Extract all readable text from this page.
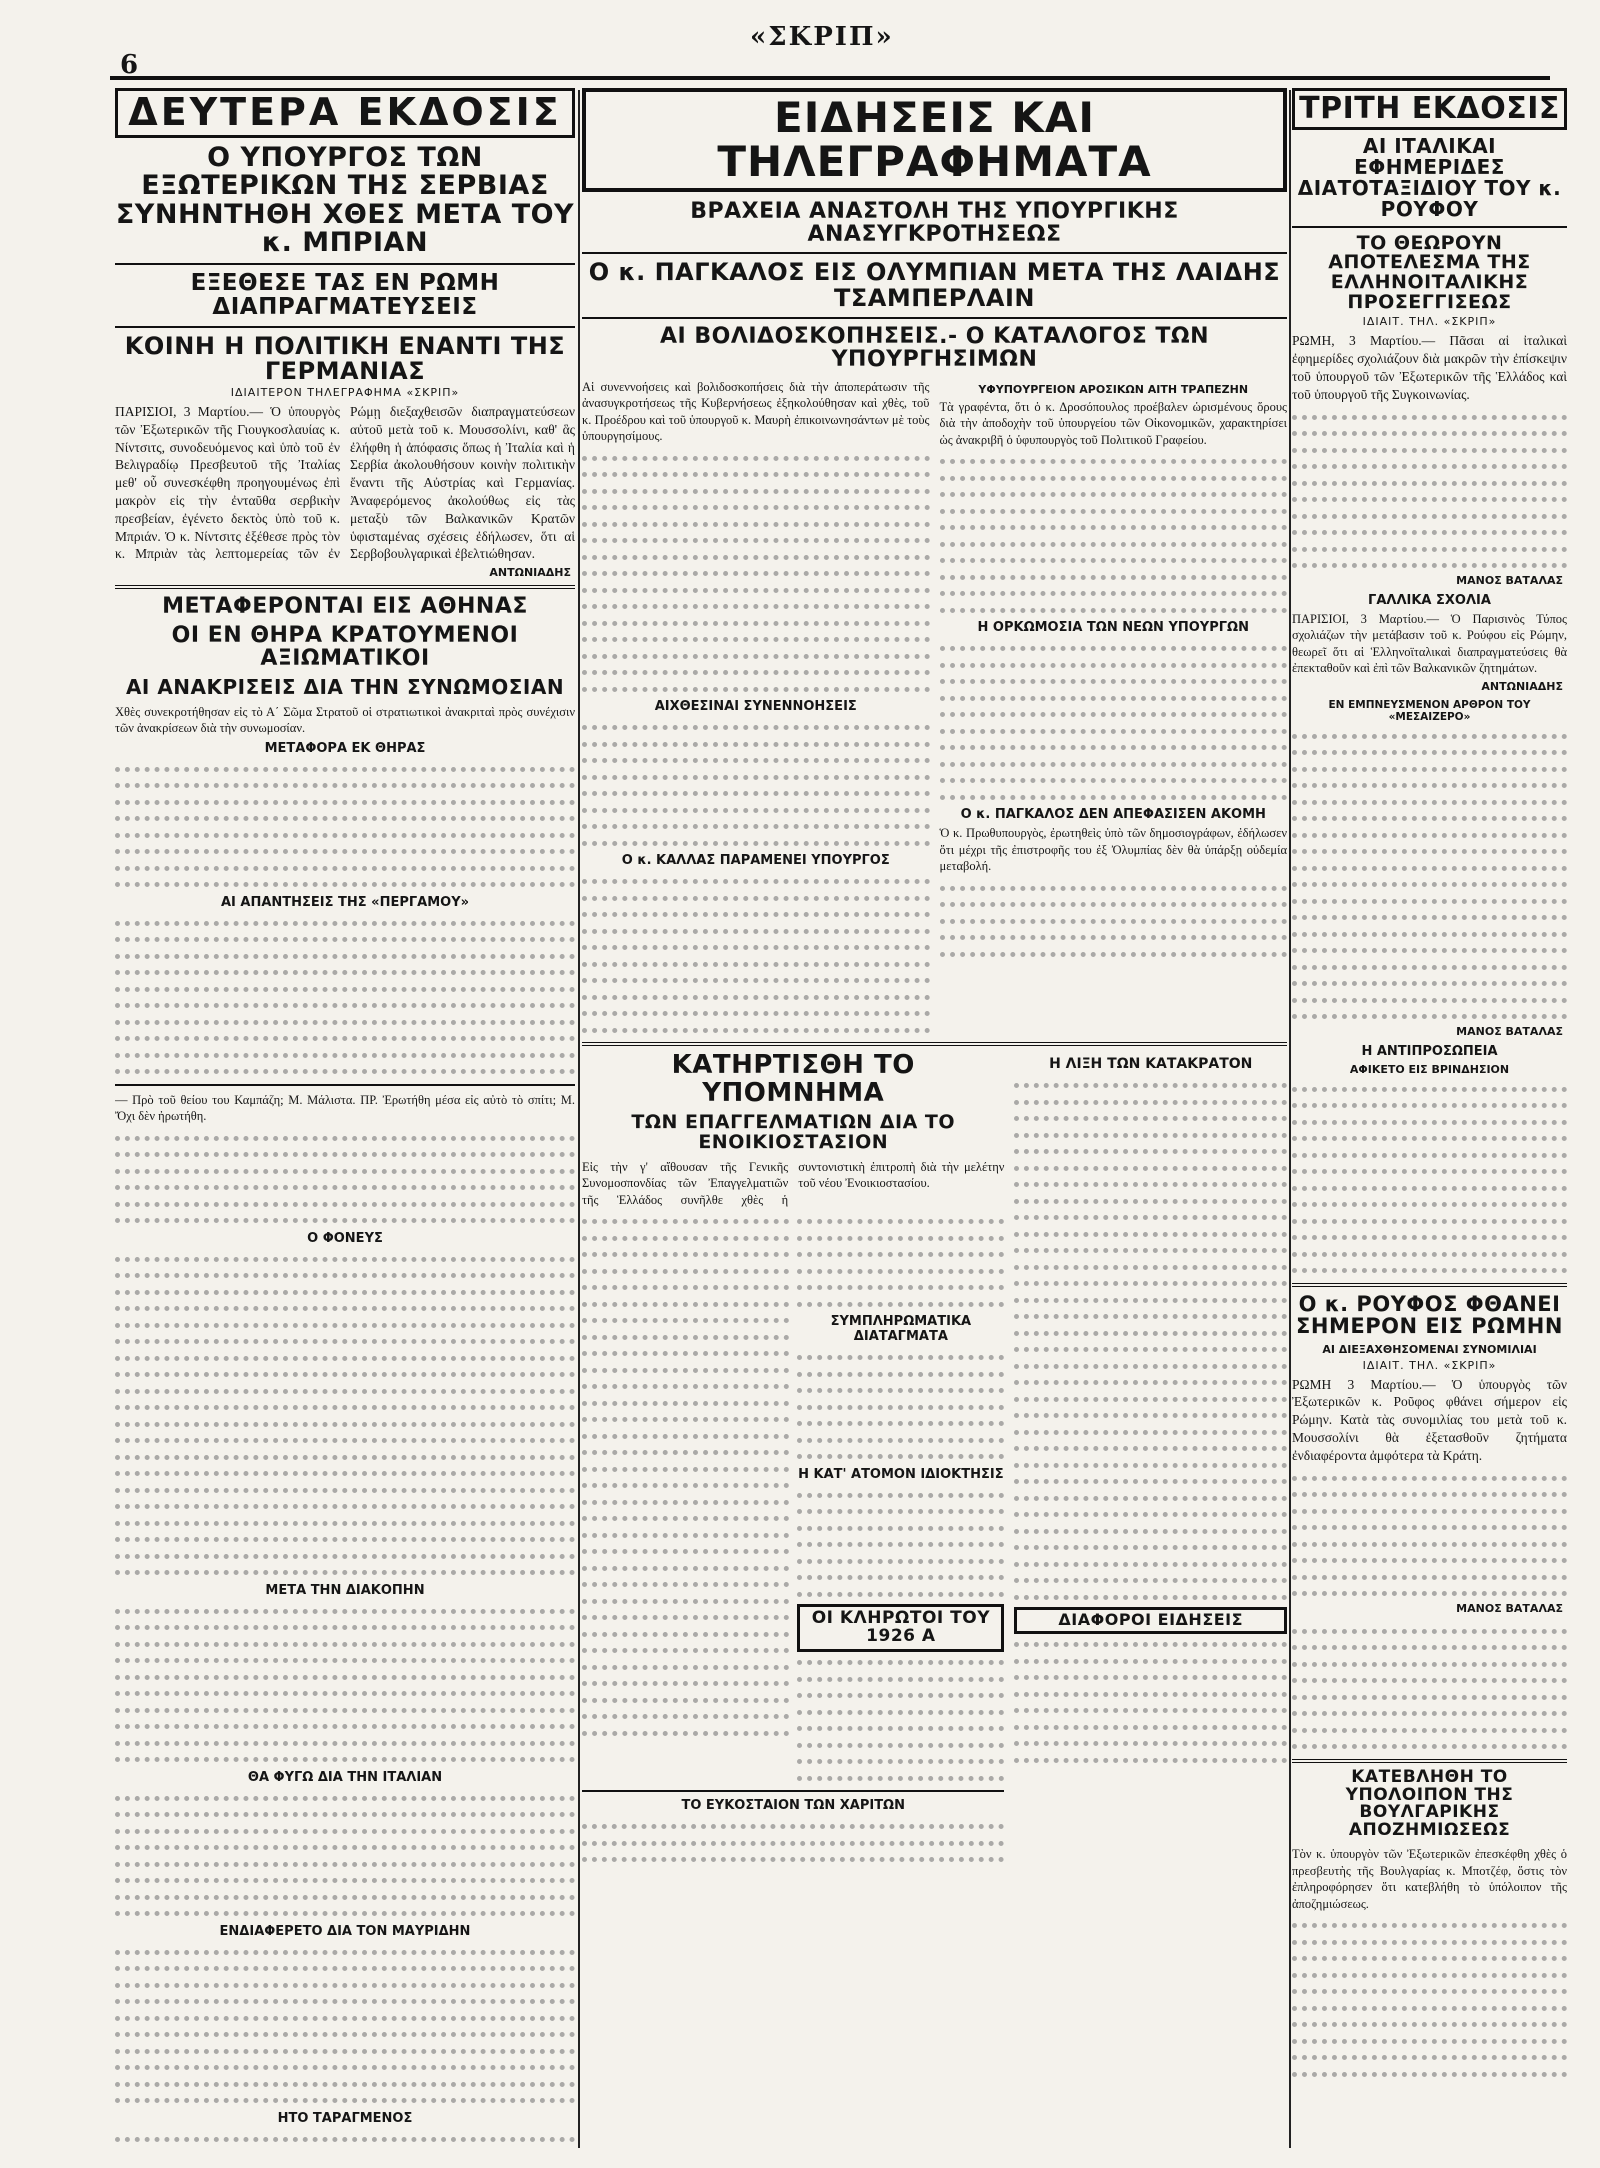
6
«ΣΚΡΙΠ»
ΔΕΥΤΕΡΑ ΕΚΔΟΣΙΣ
Ο ΥΠΟΥΡΓΟΣ ΤΩΝ ΕΞΩΤΕΡΙΚΩΝ ΤΗΣ ΣΕΡΒΙΑΣ ΣΥΝΗΝΤΗΘΗ ΧΘΕΣ ΜΕΤΑ ΤΟΥ κ. ΜΠΡΙΑΝ
ΕΞΕΘΕΣΕ ΤΑΣ ΕΝ ΡΩΜΗ ΔΙΑΠΡΑΓΜΑΤΕΥΣΕΙΣ
ΚΟΙΝΗ Η ΠΟΛΙΤΙΚΗ ΕΝΑΝΤΙ ΤΗΣ ΓΕΡΜΑΝΙΑΣ
ΙΔΙΑΙΤΕΡΟΝ ΤΗΛΕΓΡΑΦΗΜΑ «ΣΚΡΙΠ»

ΠΑΡΙΣΙΟΙ, 3 Μαρτίου.— Ὁ ὑπουργὸς τῶν Ἐξωτερικῶν τῆς Γιουγκοσλαυίας κ. Νίντσιτς, συνοδευόμενος καὶ ὑπὸ τοῦ ἐν Βελιγραδίῳ Πρεσβευτοῦ τῆς Ἰταλίας μεθ' οὗ συνεσκέφθη προηγουμένως ἐπὶ μακρὸν εἰς τὴν ἐνταῦθα σερβικὴν πρεσβείαν, ἐγένετο δεκτὸς ὑπὸ τοῦ κ. Μπριάν. Ὁ κ. Νίντσιτς ἐξέθεσε πρὸς τὸν κ. Μπριὰν τὰς λεπτομερείας τῶν ἐν Ρώμῃ διεξαχθεισῶν διαπραγματεύσεων αὐτοῦ μετὰ τοῦ κ. Μουσσολίνι, καθ' ἃς ἐλήφθη ἡ ἀπόφασις ὅπως ἡ Ἰταλία καὶ ἡ Σερβία ἀκολουθήσουν κοινὴν πολιτικὴν ἔναντι τῆς Αὐστρίας καὶ Γερμανίας. Ἀναφερόμενος ἀκολούθως εἰς τὰς μεταξὺ τῶν Βαλκανικῶν Κρατῶν ὑφισταμένας σχέσεις ἐδήλωσεν, ὅτι αἱ Σερβοβουλγαρικαὶ ἐβελτιώθησαν.

ΑΝΤΩΝΙΑΔΗΣ
ΜΕΤΑΦΕΡΟΝΤΑΙ ΕΙΣ ΑΘΗΝΑΣ
ΟΙ ΕΝ ΘΗΡΑ ΚΡΑΤΟΥΜΕΝΟΙ ΑΞΙΩΜΑΤΙΚΟΙ
ΑΙ ΑΝΑΚΡΙΣΕΙΣ ΔΙΑ ΤΗΝ ΣΥΝΩΜΟΣΙΑΝ

Χθὲς συνεκροτήθησαν εἰς τὸ Α΄ Σῶμα Στρατοῦ οἱ στρατιωτικοὶ ἀνακριταὶ πρὸς συνέχισιν τῶν ἀνακρίσεων διὰ τὴν συνωμοσίαν.

ΜΕΤΑΦΟΡΑ ΕΚ ΘΗΡΑΣ
ΑΙ ΑΠΑΝΤΗΣΕΙΣ ΤΗΣ «ΠΕΡΓΑΜΟΥ»

— Πρὸ τοῦ θείου του Καμπάζη; Μ. Μάλιστα. ΠΡ. Ἐρωτήθη μέσα εἰς αὐτὸ τὸ σπίτι; Μ. Ὄχι δὲν ἠρωτήθη.

Ο ΦΟΝΕΥΣ
ΜΕΤΑ ΤΗΝ ΔΙΑΚΟΠΗΝ
ΘΑ ΦΥΓΩ ΔΙΑ ΤΗΝ ΙΤΑΛΙΑΝ
ΕΝΔΙΑΦΕΡΕΤΟ ΔΙΑ ΤΟΝ ΜΑΥΡΙΔΗΝ
ΗΤΟ ΤΑΡΑΓΜΕΝΟΣ
ΕΙΔΗΣΕΙΣ ΚΑΙ ΤΗΛΕΓΡΑΦΗΜΑΤΑ
ΒΡΑΧΕΙΑ ΑΝΑΣΤΟΛΗ ΤΗΣ ΥΠΟΥΡΓΙΚΗΣ ΑΝΑΣΥΓΚΡΟΤΗΣΕΩΣ
Ο κ. ΠΑΓΚΑΛΟΣ ΕΙΣ ΟΛΥΜΠΙΑΝ ΜΕΤΑ ΤΗΣ ΛΑΙΔΗΣ ΤΣΑΜΠΕΡΛΑΙΝ
ΑΙ ΒΟΛΙΔΟΣΚΟΠΗΣΕΙΣ.- Ο ΚΑΤΑΛΟΓΟΣ ΤΩΝ ΥΠΟΥΡΓΗΣΙΜΩΝ

Αἱ συνεννοήσεις καὶ βολιδοσκοπήσεις διὰ τὴν ἀποπεράτωσιν τῆς ἀνασυγκροτήσεως τῆς Κυβερνήσεως ἐξηκολούθησαν καὶ χθὲς, τοῦ κ. Προέδρου καὶ τοῦ ὑπουργοῦ κ. Μαυρὴ ἐπικοινωνησάντων μὲ τοὺς ὑπουργησίμους.

ΑΙΧΘΕΣΙΝΑΙ ΣΥΝΕΝΝΟΗΣΕΙΣ
Ο κ. ΚΑΛΛΑΣ ΠΑΡΑΜΕΝΕΙ ΥΠΟΥΡΓΟΣ
ΥΦΥΠΟΥΡΓΕΙΟΝ ΑΡΟΣΙΚΩΝ ΑΙΤΗ ΤΡΑΠΕΖΗΝ

Τὰ γραφέντα, ὅτι ὁ κ. Δροσόπουλος προέβαλεν ὡρισμένους ὅρους διὰ τὴν ἀποδοχὴν τοῦ ὑπουργείου τῶν Οἰκονομικῶν, χαρακτηρίσει ὡς ἀνακριβῆ ὁ ὑφυπουργὸς τοῦ Πολιτικοῦ Γραφείου.

Η ΟΡΚΩΜΟΣΙΑ ΤΩΝ ΝΕΩΝ ΥΠΟΥΡΓΩΝ
Ο κ. ΠΑΓΚΑΛΟΣ ΔΕΝ ΑΠΕΦΑΣΙΣΕΝ ΑΚΟΜΗ

Ὁ κ. Πρωθυπουργὸς, ἐρωτηθεὶς ὑπὸ τῶν δημοσιογράφων, ἐδήλωσεν ὅτι μέχρι τῆς ἐπιστροφῆς του ἐξ Ὀλυμπίας δὲν θὰ ὑπάρξῃ οὐδεμία μεταβολή.

ΚΑΤΗΡΤΙΣΘΗ ΤΟ ΥΠΟΜΝΗΜΑ
ΤΩΝ ΕΠΑΓΓΕΛΜΑΤΙΩΝ ΔΙΑ ΤΟ ΕΝΟΙΚΙΟΣΤΑΣΙΟΝ

Εἰς τὴν γ' αἴθουσαν τῆς Γενικῆς Συνομοσπονδίας τῶν Ἐπαγγελματιῶν τῆς Ἑλλάδος συνῆλθε χθὲς ἡ συντονιστικὴ ἐπιτροπὴ διὰ τὴν μελέτην τοῦ νέου Ἐνοικιοστασίου.

ΣΥΜΠΛΗΡΩΜΑΤΙΚΑ ΔΙΑΤΑΓΜΑΤΑ
Η ΚΑΤ' ΑΤΟΜΟΝ ΙΔΙΟΚΤΗΣΙΣ
ΟΙ ΚΛΗΡΩΤΟΙ ΤΟΥ 1926 Α
ΤΟ ΕΥΚΟΣΤΑΙΟΝ ΤΩΝ ΧΑΡΙΤΩΝ
Η ΛΙΞΗ ΤΩΝ ΚΑΤΑΚΡΑΤΟΝ
ΔΙΑΦΟΡΟΙ ΕΙΔΗΣΕΙΣ
ΤΡΙΤΗ ΕΚΔΟΣΙΣ
ΑΙ ΙΤΑΛΙΚΑΙ ΕΦΗΜΕΡΙΔΕΣ ΔΙΑΤΟΤΑΞΙΔΙΟΥ ΤΟΥ κ. ΡΟΥΦΟΥ
ΤΟ ΘΕΩΡΟΥΝ ΑΠΟΤΕΛΕΣΜΑ ΤΗΣ ΕΛΛΗΝΟΙΤΑΛΙΚΗΣ ΠΡΟΣΕΓΓΙΣΕΩΣ
ΙΔΙΑΙΤ. ΤΗΛ. «ΣΚΡΙΠ»

ΡΩΜΗ, 3 Μαρτίου.— Πᾶσαι αἱ ἰταλικαὶ ἐφημερίδες σχολιάζουν διὰ μακρῶν τὴν ἐπίσκεψιν τοῦ ὑπουργοῦ τῶν Ἐξωτερικῶν τῆς Ἑλλάδος καὶ τοῦ ὑπουργοῦ τῆς Συγκοινωνίας.

ΜΑΝΟΣ ΒΑΤΑΛΑΣ
ΓΑΛΛΙΚΑ ΣΧΟΛΙΑ

ΠΑΡΙΣΙΟΙ, 3 Μαρτίου.— Ὁ Παρισινὸς Τύπος σχολιάζων τὴν μετάβασιν τοῦ κ. Ρούφου εἰς Ρώμην, θεωρεῖ ὅτι αἱ Ἑλληνοϊταλικαὶ διαπραγματεύσεις θὰ ἐπεκταθοῦν καὶ ἐπὶ τῶν Βαλκανικῶν ζητημάτων.

ΑΝΤΩΝΙΑΔΗΣ
ΕΝ ΕΜΠΝΕΥΣΜΕΝΟΝ ΑΡΘΡΟΝ ΤΟΥ «ΜΕΣΑΙΖΕΡΟ»
ΜΑΝΟΣ ΒΑΤΑΛΑΣ
Η ΑΝΤΙΠΡΟΣΩΠΕΙΑ
ΑΦΙΚΕΤΟ ΕΙΣ ΒΡΙΝΔΗΣΙΟΝ
Ο κ. ΡΟΥΦΟΣ ΦΘΑΝΕΙ ΣΗΜΕΡΟΝ ΕΙΣ ΡΩΜΗΝ
ΑΙ ΔΙΕΞΑΧΘΗΣΟΜΕΝΑΙ ΣΥΝΟΜΙΛΙΑΙ
ΙΔΙΑΙΤ. ΤΗΛ. «ΣΚΡΙΠ»

ΡΩΜΗ 3 Μαρτίου.— Ὁ ὑπουργὸς τῶν Ἐξωτερικῶν κ. Ροῦφος φθάνει σήμερον εἰς Ρώμην. Κατὰ τὰς συνομιλίας του μετὰ τοῦ κ. Μουσσολίνι θὰ ἐξετασθοῦν ζητήματα ἐνδιαφέροντα ἀμφότερα τὰ Κράτη.

ΜΑΝΟΣ ΒΑΤΑΛΑΣ
ΚΑΤΕΒΛΗΘΗ ΤΟ ΥΠΟΛΟΙΠΟΝ ΤΗΣ ΒΟΥΛΓΑΡΙΚΗΣ ΑΠΟΖΗΜΙΩΣΕΩΣ

Τὸν κ. ὑπουργὸν τῶν Ἐξωτερικῶν ἐπεσκέφθη χθὲς ὁ πρεσβευτὴς τῆς Βουλγαρίας κ. Μποτζέφ, ὅστις τὸν ἐπληροφόρησεν ὅτι κατεβλήθη τὸ ὑπόλοιπον τῆς ἀποζημιώσεως.
